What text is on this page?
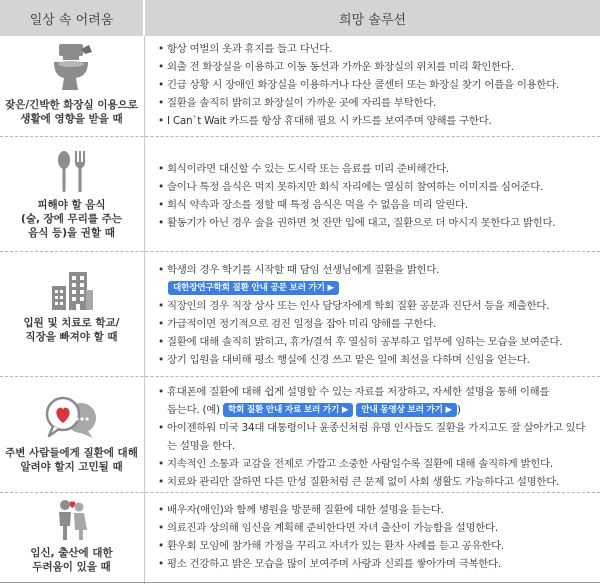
일상 속 어려움	희망 솔루션
잦은/긴박한 화장실 이용으로
생활에 영향을 받을 때
• 항상 여벌의 옷과 휴지를 들고 다닌다.
• 외출 전 화장실을 이용하고 이동 동선과 가까운 화장실의 위치를 미리 확인한다.
• 긴급 상황 시 장애인 화장실을 이용하거나 다산 콜센터 또는 화장실 찾기 어플을 이용한다.
• 질환을 솔직히 밝히고 화장실이 가까운 곳에 자리를 부탁한다.
• I Can`t Wait 카드를 항상 휴대해 필요 시 카드를 보여주며 양해를 구한다.
피해야 할 음식
(술, 장에 무리를 주는
음식 등)을 권할 때
• 회식이라면 대신할 수 있는 도시락 또는 음료를 미리 준비해간다.
• 술이나 특정 음식은 먹지 못하지만 회식 자리에는 열심히 참여하는 이미지를 심어준다.
• 회식 약속과 장소를 정할 때 특정 음식은 먹을 수 없음을 미리 알린다.
• 활동기가 아닌 경우 술을 권하면 첫 잔만 입에 대고, 질환으로 더 마시지 못한다고 밝힌다.
입원 및 치료로 학교/
직장을 빠져야 할 때
• 학생의 경우 학기를 시작할 때 담임 선생님에게 질환을 밝힌다.
대한장연구학회 질환 안내 공문 보러 가기 ▶
• 직장인의 경우 직장 상사 또는 인사 담당자에게 학회 질환 공문과 진단서 등을 제출한다.
• 가급적이면 정기적으로 검진 일정을 잡아 미리 양해를 구한다.
• 질환에 대해 솔직히 밝히고, 휴가/결석 후 열심히 공부하고 업무에 임하는 모습을 보여준다.
• 장기 입원을 대비해 평소 행실에 신경 쓰고 맡은 일에 최선을 다하며 신임을 얻는다.
주변 사람들에게 질환에 대해
알려야 할지 고민될 때
• 휴대폰에 질환에 대해 쉽게 설명할 수 있는 자료를 저장하고, 자세한 설명을 통해 이해를
돕는다. (예) 학회 질환 안내 자료 보러 가기 ▶ 안내 동영상 보러 가기 ▶ )
• 아이젠하워 미국 34대 대통령이나 윤종신처럼 유명 인사들도 질환을 가지고도 잘 살아가고 있다는 설명을 한다.
• 지속적인 소통과 교감을 전제로 가깝고 소중한 사람일수록 질환에 대해 솔직하게 밝힌다.
• 치료와 관리만 잘하면 다른 만성 질환처럼 큰 문제 없이 사회 생활도 가능하다고 설명한다.
임신, 출산에 대한
두려움이 있을 때
• 배우자(애인)와 함께 병원을 방문해 질환에 대한 설명을 듣는다.
• 의료진과 상의해 임신을 계획해 준비한다면 자녀 출산이 가능함을 설명한다.
• 환우회 모임에 참가해 가정을 꾸리고 자녀가 있는 환자 사례를 듣고 공유한다.
• 평소 건강하고 밝은 모습을 많이 보여주며 사랑과 신뢰를 쌓아가며 극복한다.
